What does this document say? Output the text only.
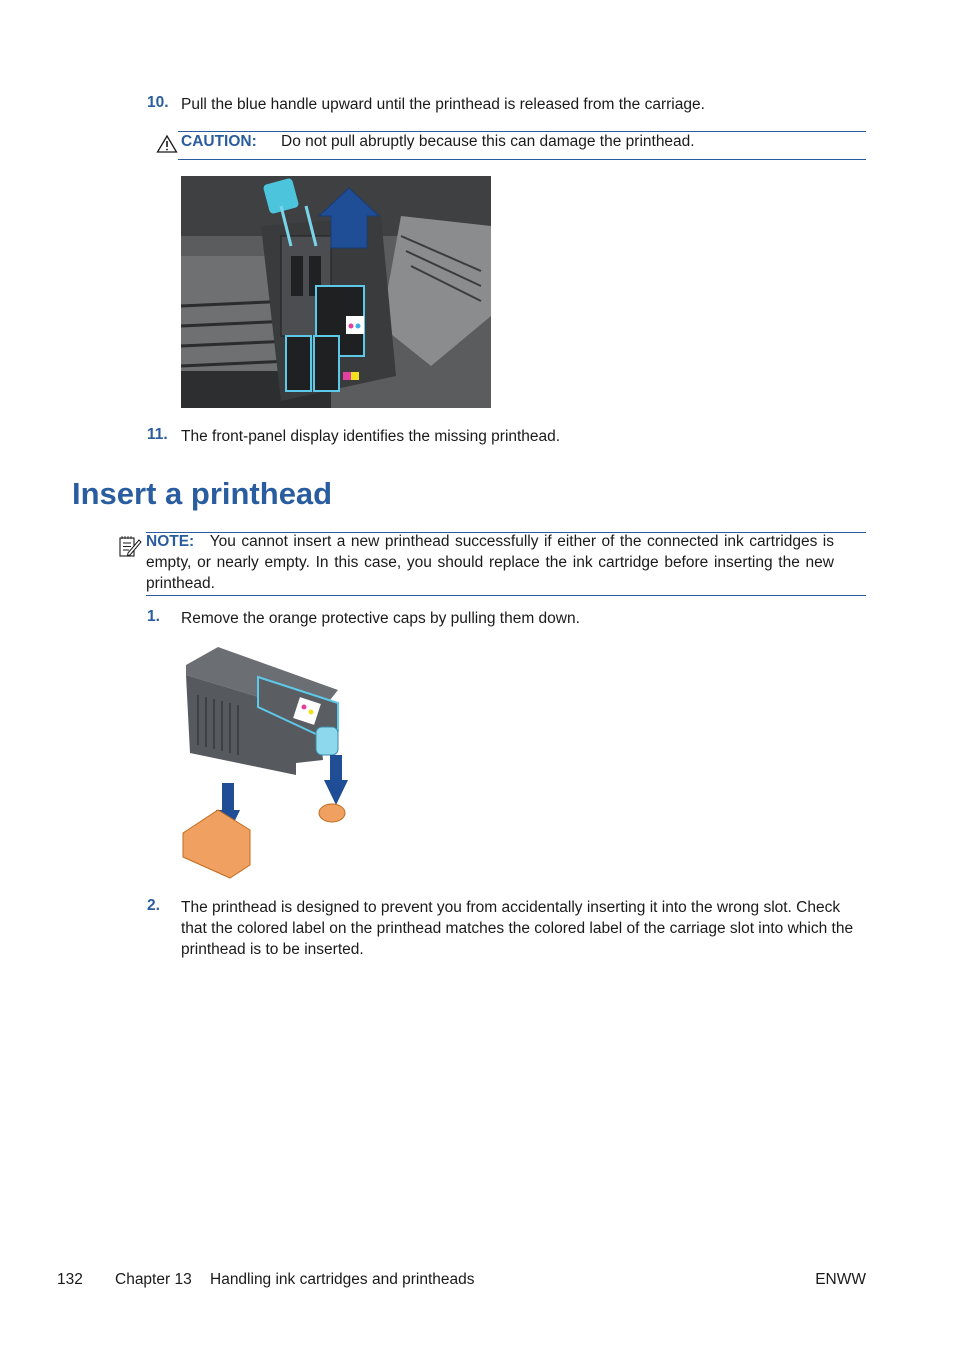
10. Pull the blue handle upward until the printhead is released from the carriage.
CAUTION: Do not pull abruptly because this can damage the printhead.
11. The front-panel display identifies the missing printhead.
Insert a printhead
NOTE: You cannot insert a new printhead successfully if either of the connected ink cartridges is empty, or nearly empty. In this case, you should replace the ink cartridge before inserting the new printhead.
1. Remove the orange protective caps by pulling them down.
2. The printhead is designed to prevent you from accidentally inserting it into the wrong slot. Check that the colored label on the printhead matches the colored label of the carriage slot into which the printhead is to be inserted.
132 Chapter 13 Handling ink cartridges and printheads	ENWW
